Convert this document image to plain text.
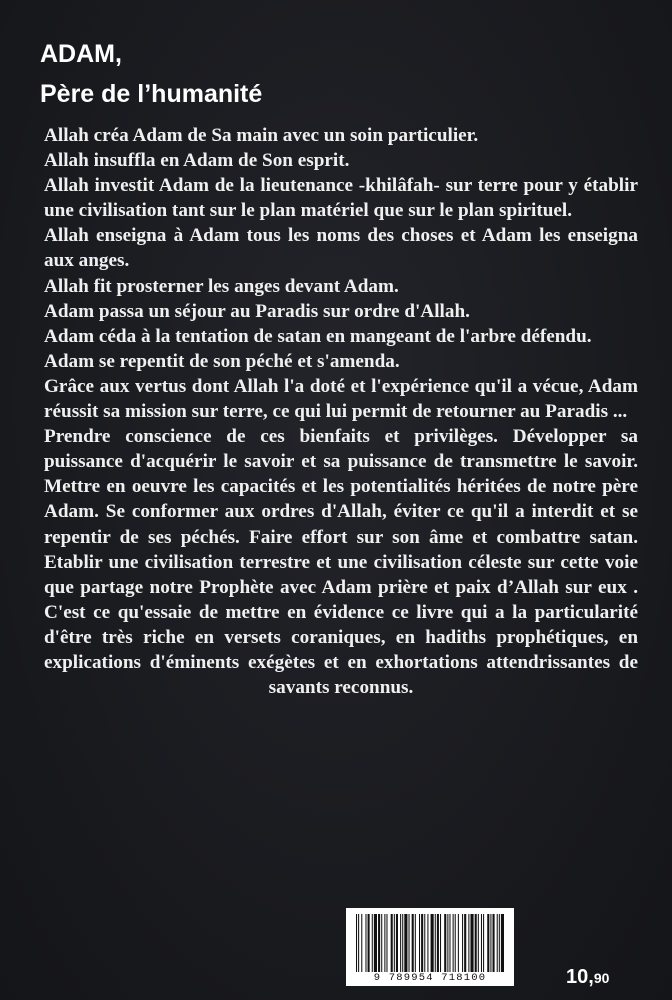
ADAM,
Père de l’humanité

Allah créa Adam de Sa main avec un soin particulier.

Allah insuffla en Adam de Son esprit.

Allah investit Adam de la lieutenance -khilâfah- sur terre pour y établir une civilisation tant sur le plan matériel que sur le plan spirituel.

Allah enseigna à Adam tous les noms des choses et Adam les enseigna aux anges.

Allah fit prosterner les anges devant Adam.

Adam passa un séjour au Paradis sur ordre d'Allah.

Adam céda à la tentation de satan en mangeant de l'arbre défendu.

Adam se repentit de son péché et s'amenda.

Grâce aux vertus dont Allah l'a doté et l'expérience qu'il a vécue, Adam réussit sa mission sur terre, ce qui lui permit de retourner au Paradis ...

Prendre conscience de ces bienfaits et privilèges. Développer sa puissance d'acquérir le savoir et sa puissance de transmettre le savoir. Mettre en oeuvre les capacités et les potentialités héritées de notre père Adam. Se conformer aux ordres d'Allah, éviter ce qu'il a interdit et se repentir de ses péchés. Faire effort sur son âme et combattre satan. Etablir une civilisation terrestre et une civilisation céleste sur cette voie que partage notre Prophète avec Adam prière et paix d’Allah sur eux . C'est ce qu'essaie de mettre en évidence ce livre qui a la particularité d'être très riche en versets coraniques, en hadiths prophétiques, en explications d'éminents exégètes et en exhortations attendrissantes de savants reconnus.

9 789954 718100	10,90
